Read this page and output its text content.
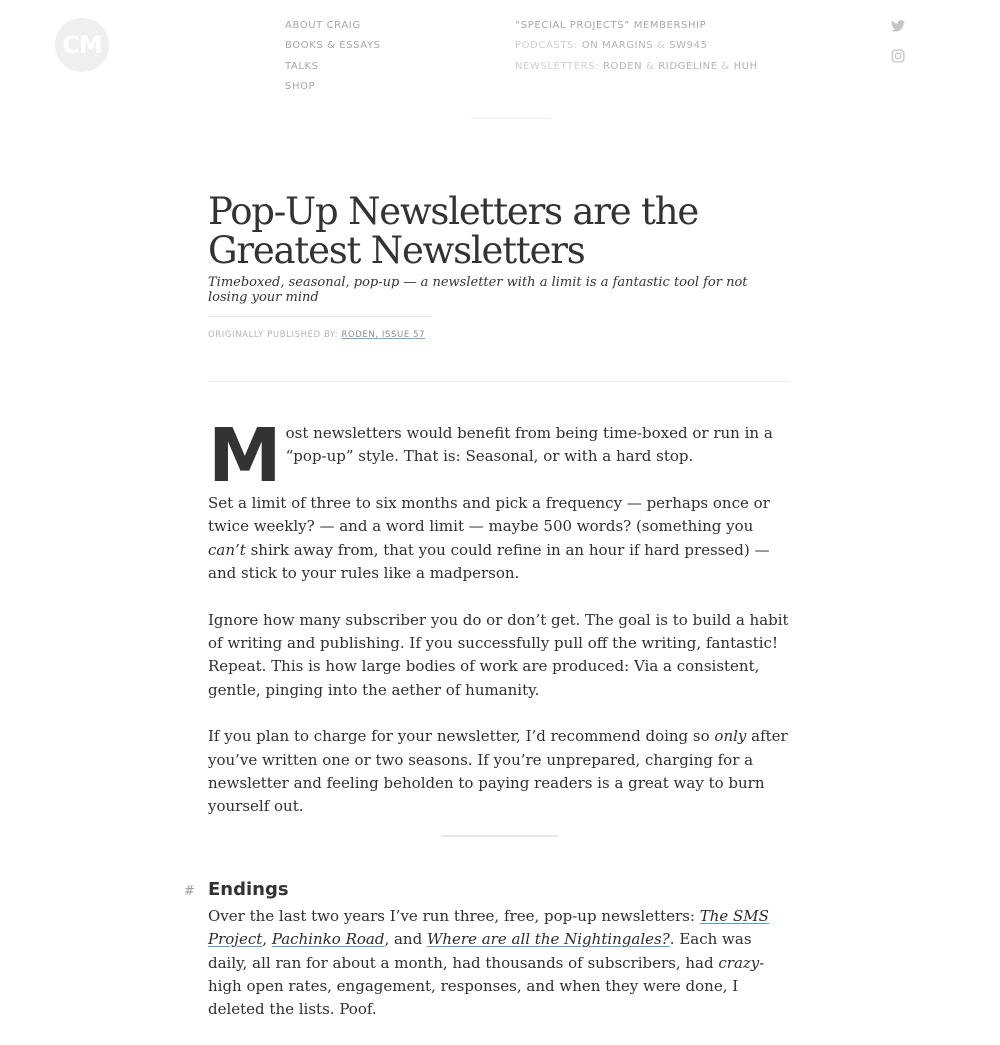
CM
ABOUT CRAIG
BOOKS & ESSAYS
TALKS
SHOP
“SPECIAL PROJECTS” MEMBERSHIP
PODCASTS: ON MARGINS & SW945
NEWSLETTERS: RODEN & RIDGELINE & HUH
Pop-Up Newsletters are the Greatest Newsletters

Timeboxed, seasonal, pop-up — a newsletter with a limit is a fantastic tool for not losing your mind

ORIGINALLY PUBLISHED BY: RODEN, ISSUE 57

Most newsletters would benefit from being time-boxed or run in a “pop-up” style. That is: Seasonal, or with a hard stop.

Set a limit of three to six months and pick a frequency — perhaps once or twice weekly? — and a word limit — maybe 500 words? (something you can’t shirk away from, that you could refine in an hour if hard pressed) — and stick to your rules like a madperson.

Ignore how many subscriber you do or don’t get. The goal is to build a habit of writing and publishing. If you successfully pull off the writing, fantastic! Repeat. This is how large bodies of work are produced: Via a consistent, gentle, pinging into the aether of humanity.

If you plan to charge for your newsletter, I’d recommend doing so only after you’ve written one or two seasons. If you’re unprepared, charging for a newsletter and feeling beholden to paying readers is a great way to burn yourself out.

# Endings

Over the last two years I’ve run three, free, pop-up newsletters: The SMS Project, Pachinko Road, and Where are all the Nightingales?. Each was daily, all ran for about a month, had thousands of subscribers, had crazy-high open rates, engagement, responses, and when they were done, I deleted the lists. Poof.
